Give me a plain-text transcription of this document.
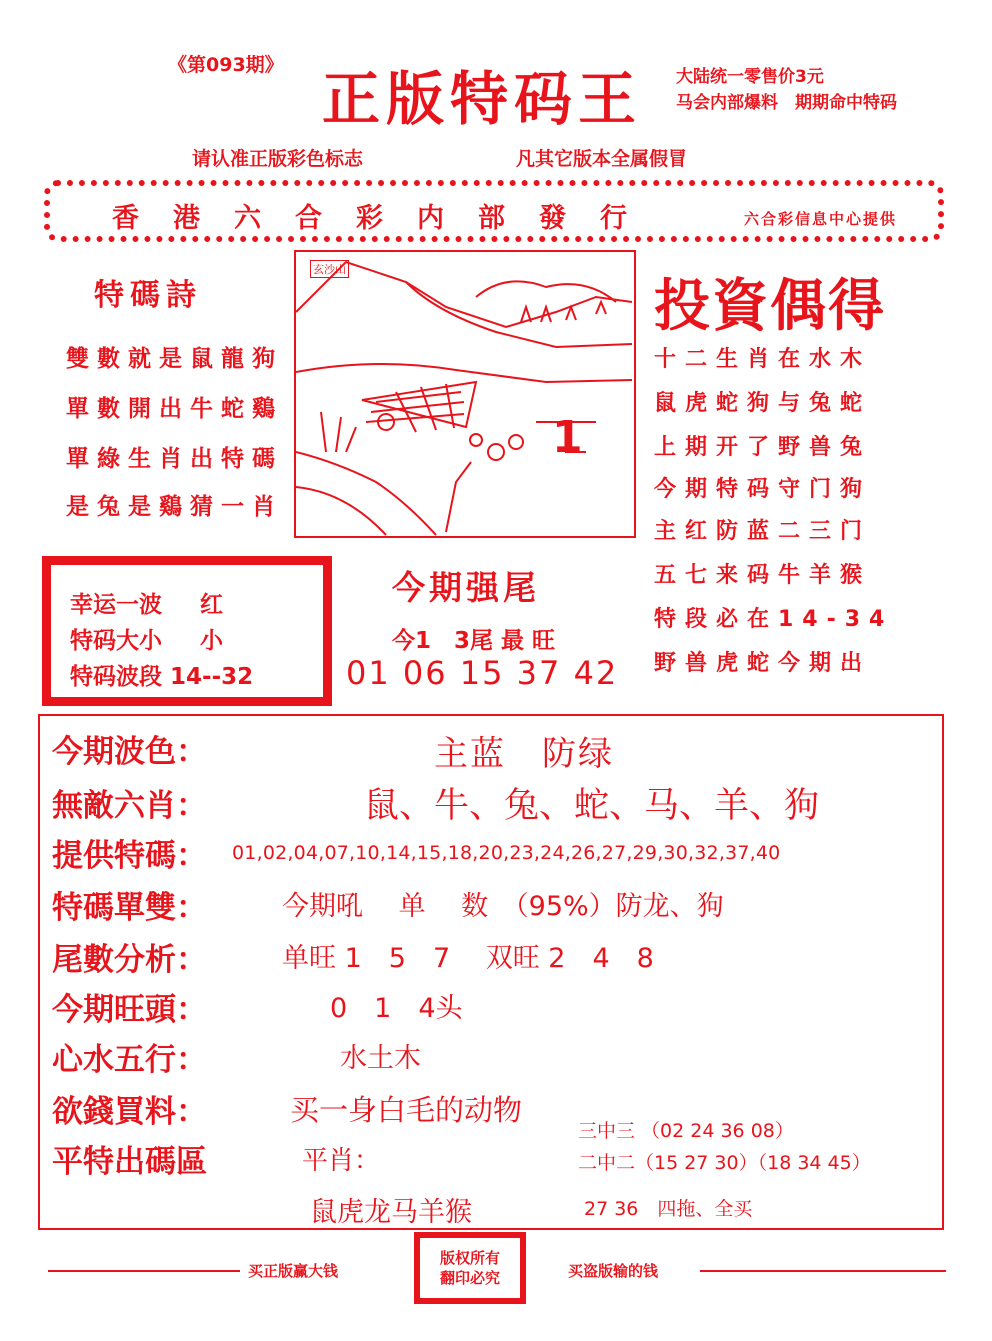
《第093期》 正版特码王 大陆统一零售价3元
马会内部爆料　期期命中特码
请认准正版彩色标志	凡其它版本全属假冒
香港六合彩内部發行	六合彩信息中心提供
特碼詩
雙數就是鼠龍狗
單數開出牛蛇鷄
單綠生肖出特碼
是兔是鷄猜一肖
玄沙山
1
投資偶得
十二生肖在水木
鼠虎蛇狗与兔蛇
上期开了野兽兔
今期特码守门狗
主红防蓝二三门
五七来码牛羊猴
特段必在14-34
野兽虎蛇今期出
幸运一波 红
特码大小 小
特码波段 14--32
今期强尾
今1　3尾 最 旺
01 06 15 37 42
今期波色：	主蓝　防绿
無敵六肖：	鼠、牛、兔、蛇、马、羊、狗
提供特碼： 01,02,04,07,10,14,15,18,20,23,24,26,27,29,30,32,37,40
特碼單雙：	今期吼　 单　 数　（95%）防龙、狗
尾數分析：	单旺 1　5　7　 双旺 2　4　8
今期旺頭：	0　1　4头
心水五行：	水土木
欲錢買料：	买一身白毛的动物
平特出碼區	平肖：
三中三 （02 24 36 08）
二中二（15 27 30）（18 34 45）
鼠虎龙马羊猴	27 36　四拖、全买
买正版赢大钱
版权所有
翻印必究	买盗版输的钱
